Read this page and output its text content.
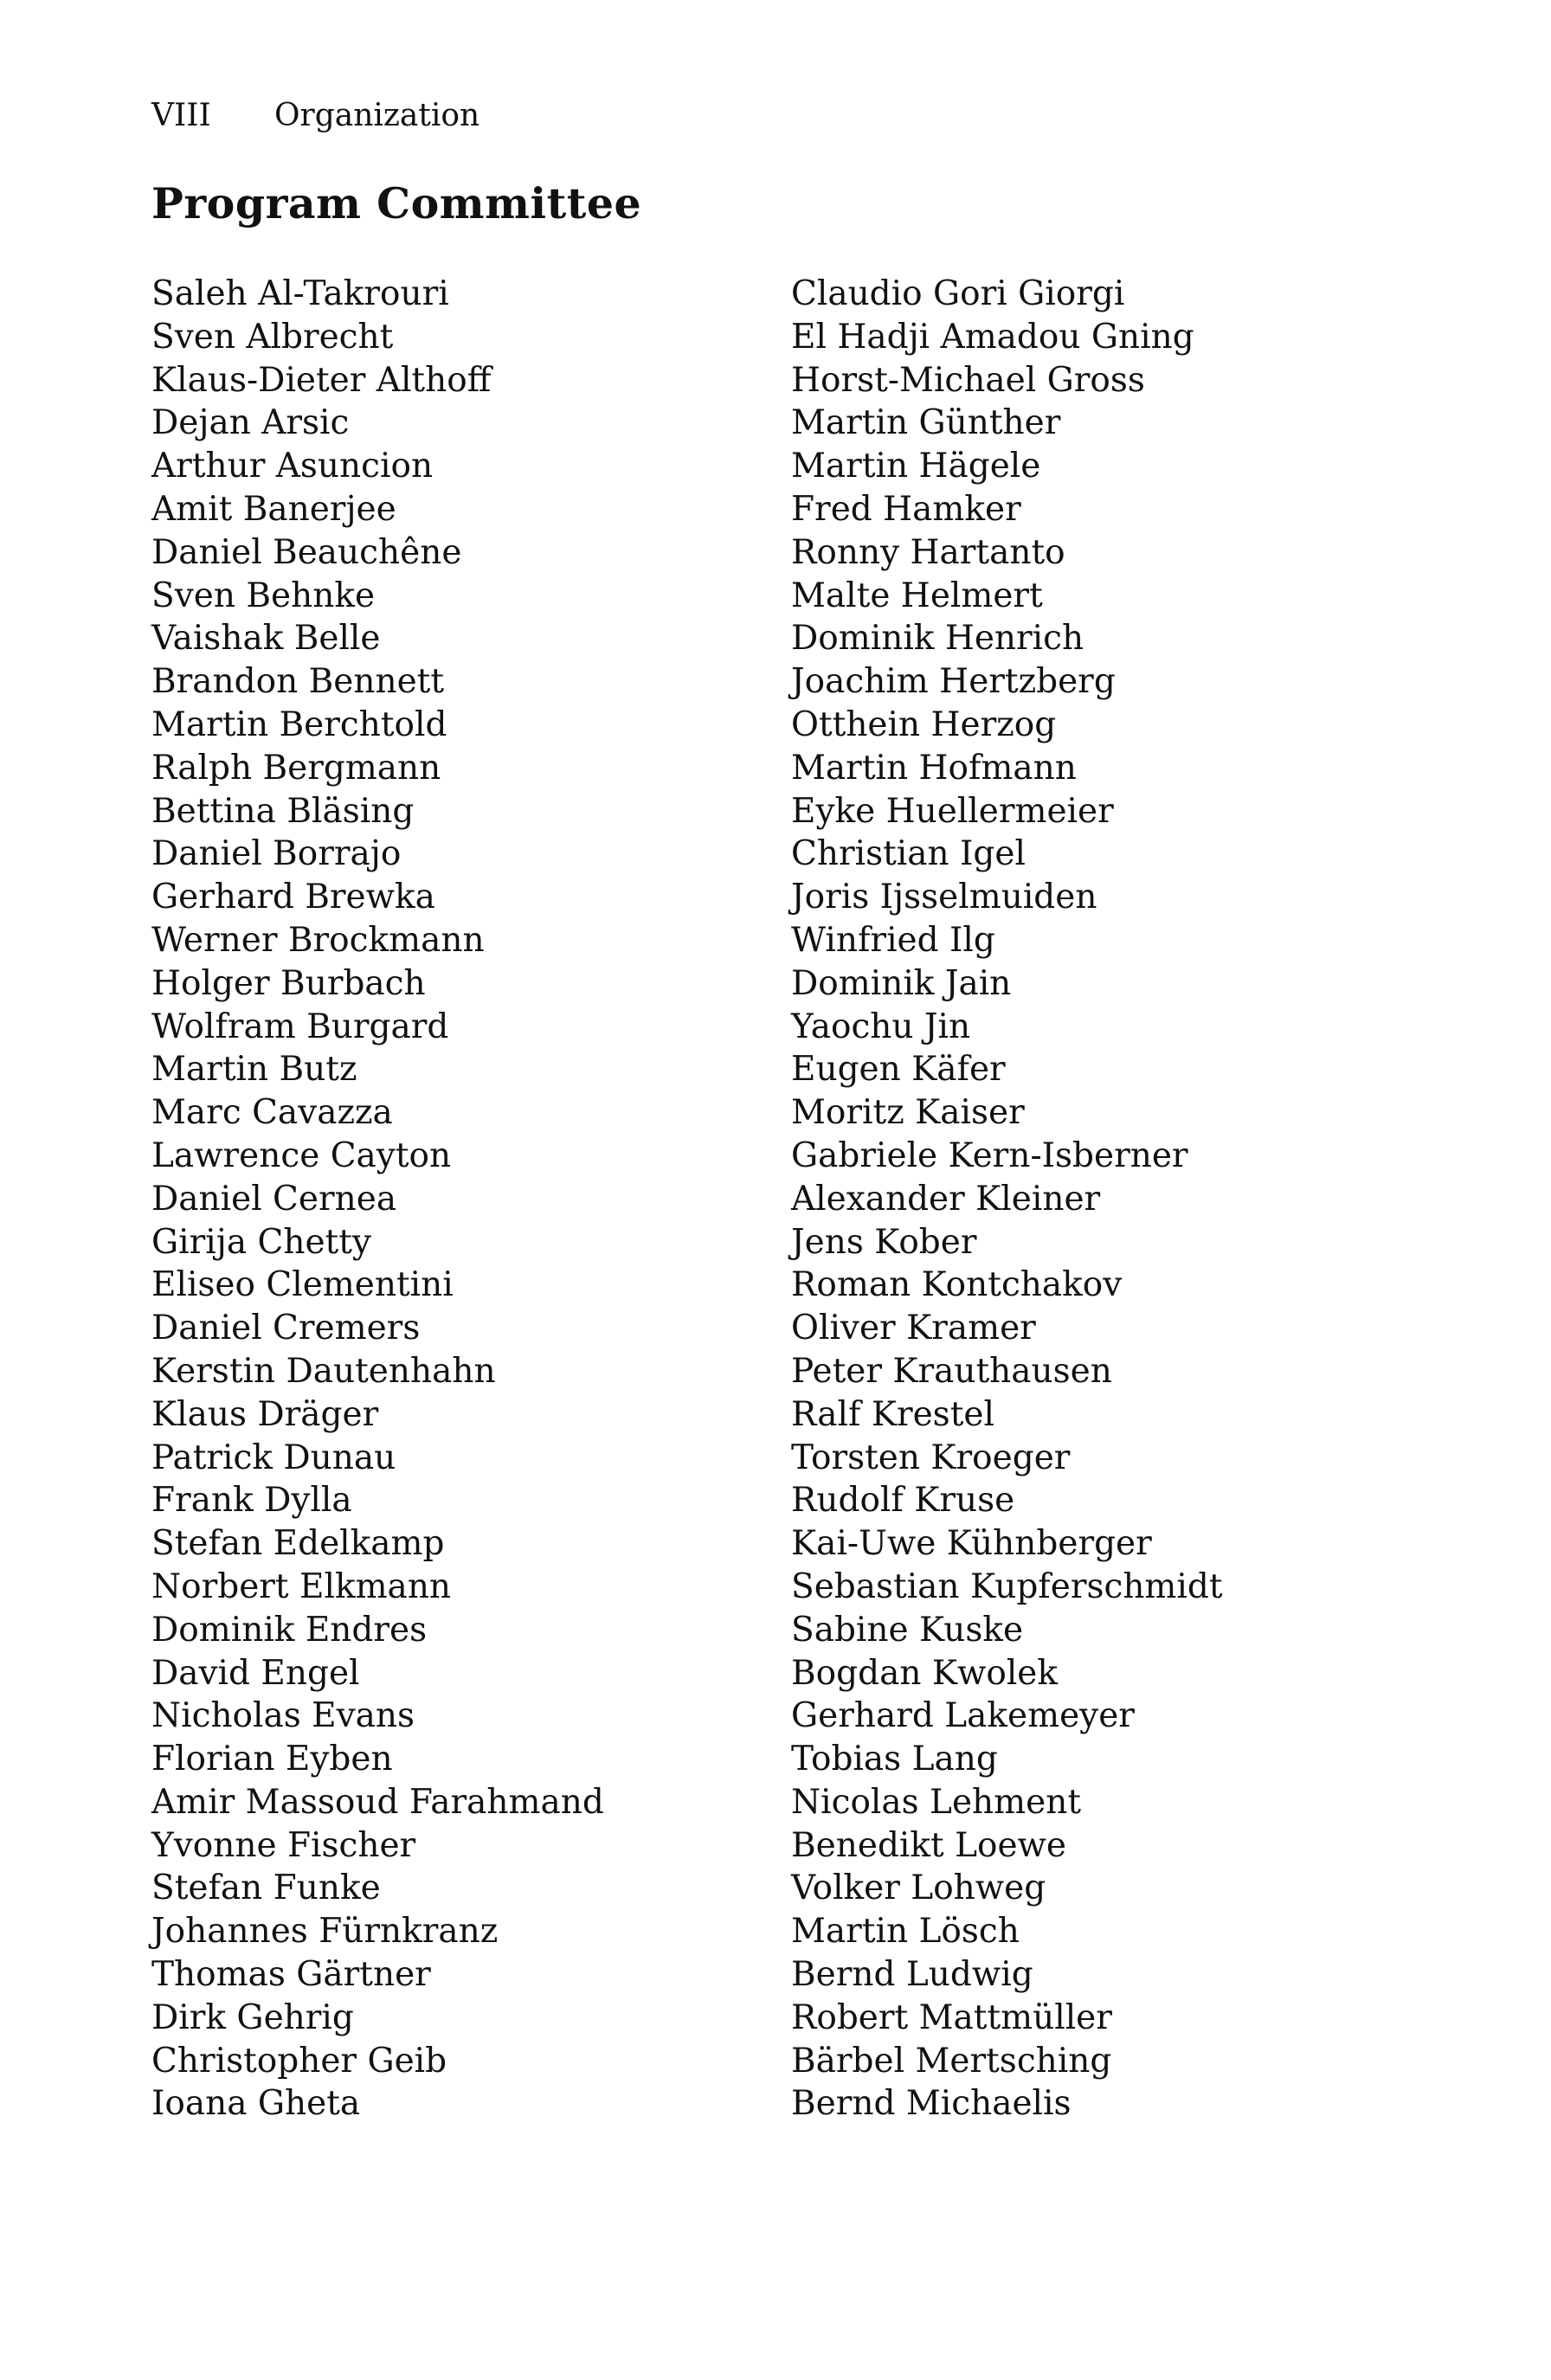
VIII	Organization
Program Committee
Saleh Al-Takrouri
Sven Albrecht
Klaus-Dieter Althoff
Dejan Arsic
Arthur Asuncion
Amit Banerjee
Daniel Beauchêne
Sven Behnke
Vaishak Belle
Brandon Bennett
Martin Berchtold
Ralph Bergmann
Bettina Bläsing
Daniel Borrajo
Gerhard Brewka
Werner Brockmann
Holger Burbach
Wolfram Burgard
Martin Butz
Marc Cavazza
Lawrence Cayton
Daniel Cernea
Girija Chetty
Eliseo Clementini
Daniel Cremers
Kerstin Dautenhahn
Klaus Dräger
Patrick Dunau
Frank Dylla
Stefan Edelkamp
Norbert Elkmann
Dominik Endres
David Engel
Nicholas Evans
Florian Eyben
Amir Massoud Farahmand
Yvonne Fischer
Stefan Funke
Johannes Fürnkranz
Thomas Gärtner
Dirk Gehrig
Christopher Geib
Ioana Gheta
Claudio Gori Giorgi
El Hadji Amadou Gning
Horst-Michael Gross
Martin Günther
Martin Hägele
Fred Hamker
Ronny Hartanto
Malte Helmert
Dominik Henrich
Joachim Hertzberg
Otthein Herzog
Martin Hofmann
Eyke Huellermeier
Christian Igel
Joris Ijsselmuiden
Winfried Ilg
Dominik Jain
Yaochu Jin
Eugen Käfer
Moritz Kaiser
Gabriele Kern-Isberner
Alexander Kleiner
Jens Kober
Roman Kontchakov
Oliver Kramer
Peter Krauthausen
Ralf Krestel
Torsten Kroeger
Rudolf Kruse
Kai-Uwe Kühnberger
Sebastian Kupferschmidt
Sabine Kuske
Bogdan Kwolek
Gerhard Lakemeyer
Tobias Lang
Nicolas Lehment
Benedikt Loewe
Volker Lohweg
Martin Lösch
Bernd Ludwig
Robert Mattmüller
Bärbel Mertsching
Bernd Michaelis
